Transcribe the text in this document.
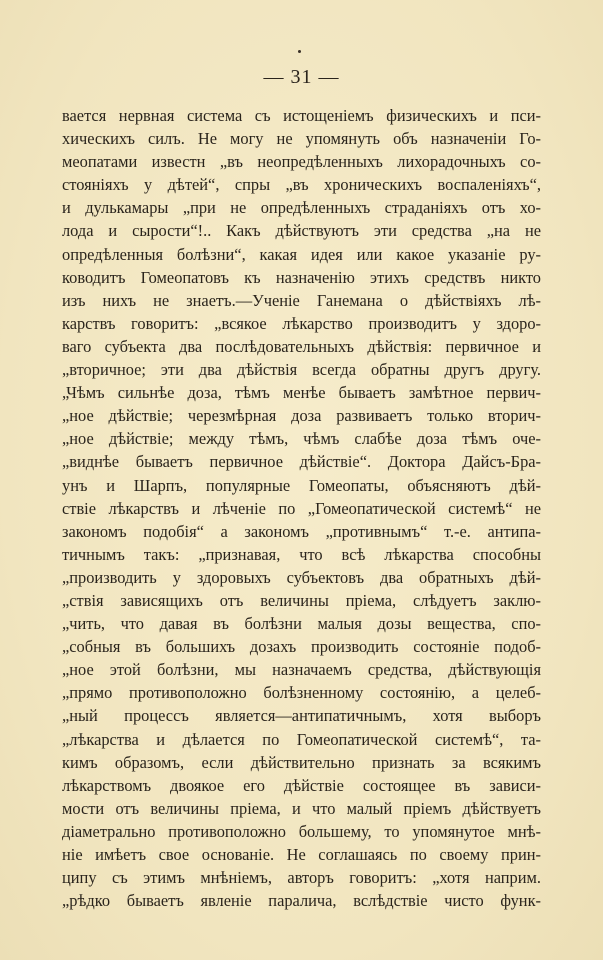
— 31 —
вается нервная система съ истощеніемъ физическихъ и пси-
хическихъ силъ. Не могу не упомянуть объ назначеніи Го-
меопатами известн „въ неопредѣленныхъ лихорадочныхъ со-
стояніяхъ у дѣтей“, спры „въ хроническихъ воспаленіяхъ“,
и дулькамары „при не опредѣленныхъ страданіяхъ отъ хо-
лода и сырости“!.. Какъ дѣйствуютъ эти средства „на не
опредѣленныя болѣзни“, какая идея или какое указаніе ру-
ководитъ Гомеопатовъ къ назначенію этихъ средствъ никто
изъ нихъ не знаетъ.—Ученіе Ганемана о дѣйствіяхъ лѣ-
карствъ говоритъ: „всякое лѣкарство производитъ у здоро-
ваго субъекта два послѣдовательныхъ дѣйствія: первичное и
„вторичное; эти два дѣйствія всегда обратны другъ другу.
„Чѣмъ сильнѣе доза, тѣмъ менѣе бываетъ замѣтное первич-
„ное дѣйствіе; черезмѣрная доза развиваетъ только вторич-
„ное дѣйствіе; между тѣмъ, чѣмъ слабѣе доза тѣмъ оче-
„виднѣе бываетъ первичное дѣйствіе“. Доктора Дайсъ-Бра-
унъ и Шарпъ, популярные Гомеопаты, объясняютъ дѣй-
ствіе лѣкарствъ и лѣченіе по „Гомеопатической системѣ“ не
закономъ подобія“ а закономъ „противнымъ“ т.-е. антипа-
тичнымъ такъ: „признавая, что всѣ лѣкарства способны
„производить у здоровыхъ субъектовъ два обратныхъ дѣй-
„ствія зависящихъ отъ величины пріема, слѣдуетъ заклю-
„чить, что давая въ болѣзни малыя дозы вещества, спо-
„собныя въ большихъ дозахъ производить состояніе подоб-
„ное этой болѣзни, мы назначаемъ средства, дѣйствующія
„прямо противоположно болѣзненному состоянію, а целеб-
„ный процессъ является—антипатичнымъ, хотя выборъ
„лѣкарства и дѣлается по Гомеопатической системѣ“, та-
кимъ образомъ, если дѣйствительно признать за всякимъ
лѣкарствомъ двоякое его дѣйствіе состоящее въ зависи-
мости отъ величины пріема, и что малый пріемъ дѣйствуетъ
діаметрально противоположно большему, то упомянутое мнѣ-
ніе имѣетъ свое основаніе. Не соглашаясь по своему прин-
ципу съ этимъ мнѣніемъ, авторъ говоритъ: „хотя наприм.
„рѣдко бываетъ явленіе паралича, вслѣдствіе чисто функ-
